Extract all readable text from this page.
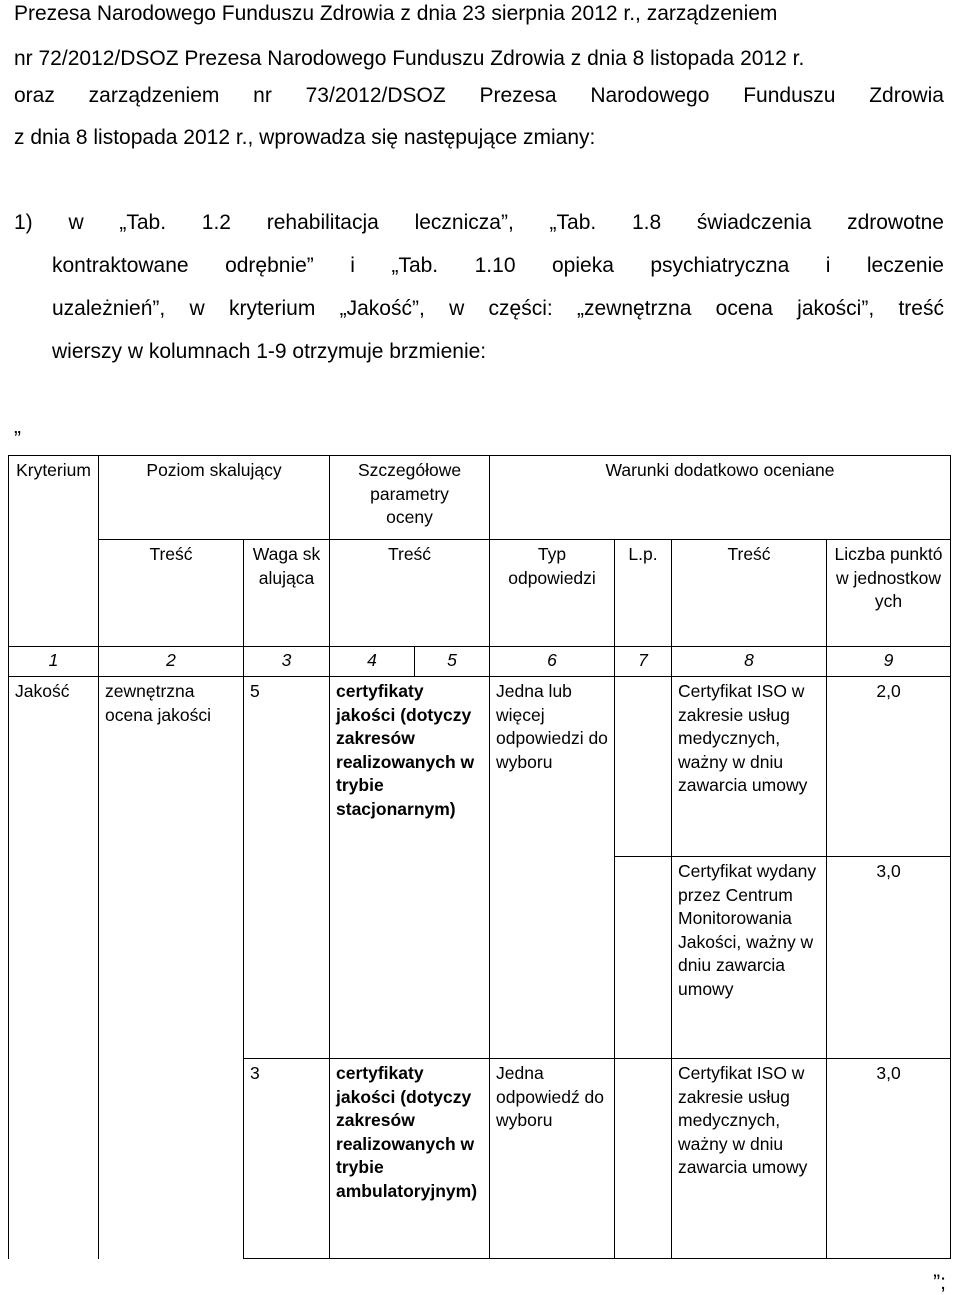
Prezesa Narodowego Funduszu Zdrowia z dnia 23 sierpnia 2012 r., zarządzeniem
nr 72/2012/DSOZ Prezesa Narodowego Funduszu Zdrowia z dnia 8 listopada 2012 r.
oraz zarządzeniem nr 73/2012/DSOZ Prezesa Narodowego Funduszu Zdrowia
z dnia 8 listopada 2012 r., wprowadza się następujące zmiany:
1) w „Tab. 1.2 rehabilitacja lecznicza”, „Tab. 1.8 świadczenia zdrowotne
kontraktowane odrębnie” i „Tab. 1.10 opieka psychiatryczna i leczenie
uzależnień”, w kryterium „Jakość”, w części: „zewnętrzna ocena jakości”, treść
wierszy w kolumnach 1-9 otrzymuje brzmienie:
„
Kryterium	Poziom skalujący		Szczegółowe parametry oceny		Warunki dodatkowo oceniane			
	Treść	Waga skalująca	Treść		Typ odpowiedzi	L.p.	Treść	Liczba punktów jednostkowych
1	2	3	4	5	6	7	8	9
Jakość	zewnętrzna ocena jakości	5	certyfikaty jakości (dotyczy zakresów realizowanych w trybie stacjonarnym)		Jedna lub więcej odpowiedzi do wyboru		Certyfikat ISO w zakresie usług medycznych, ważny w dniu zawarcia umowy	2,0
							Certyfikat wydany przez Centrum Monitorowania Jakości, ważny w dniu zawarcia umowy	3,0
		3	certyfikaty jakości (dotyczy zakresów realizowanych w trybie ambulatoryjnym)		Jedna odpowiedź do wyboru		Certyfikat ISO w zakresie usług medycznych, ważny w dniu zawarcia umowy	3,0
”;
